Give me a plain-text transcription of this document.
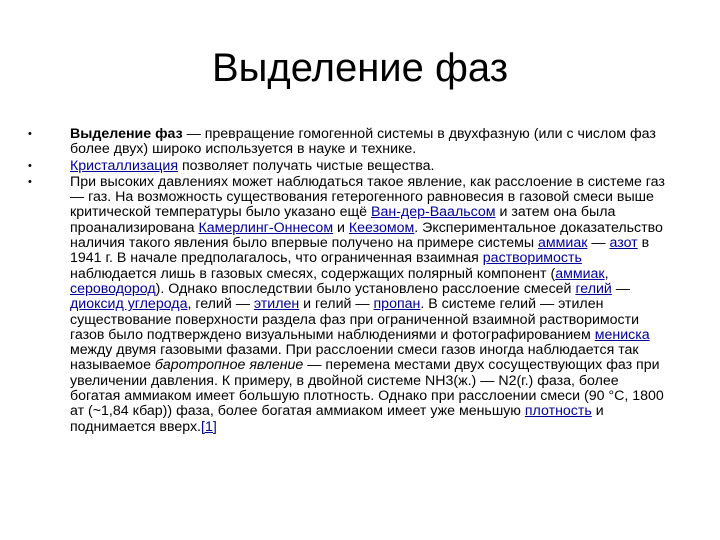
Выделение фаз
•	Выделение фаз — превращение гомогенной системы в двухфазную (или с числом фаз более двух) широко используется в науке и технике.
•	Кристаллизация позволяет получать чистые вещества.
•	При высоких давлениях может наблюдаться такое явление, как расслоение в системе газ — газ. На возможность существования гетерогенного равновесия в газовой смеси выше критической температуры было указано ещё Ван-дер-Ваальсом и затем она была проанализирована Камерлинг-Оннесом и Кеезомом. Экспериментальное доказательство наличия такого явления было впервые получено на примере системы аммиак — азот в 1941 г. В начале предполагалось, что ограниченная взаимная растворимость наблюдается лишь в газовых смесях, содержащих полярный компонент (аммиак, сероводород). Однако впоследствии было установлено расслоение смесей гелий — диоксид углерода, гелий — этилен и гелий — пропан. В системе гелий — этилен существование поверхности раздела фаз при ограниченной взаимной растворимости газов было подтверждено визуальными наблюдениями и фотографированием мениска между двумя газовыми фазами. При расслоении смеси газов иногда наблюдается так называемое баротропное явление — перемена местами двух сосуществующих фаз при увеличении давления. К примеру, в двойной системе NH3(ж.) — N2(г.) фаза, более богатая аммиаком имеет большую плотность. Однако при расслоении смеси (90 °C, 1800 ат (~1,84 кбар)) фаза, более богатая аммиаком имеет уже меньшую плотность и поднимается вверх.[1]
